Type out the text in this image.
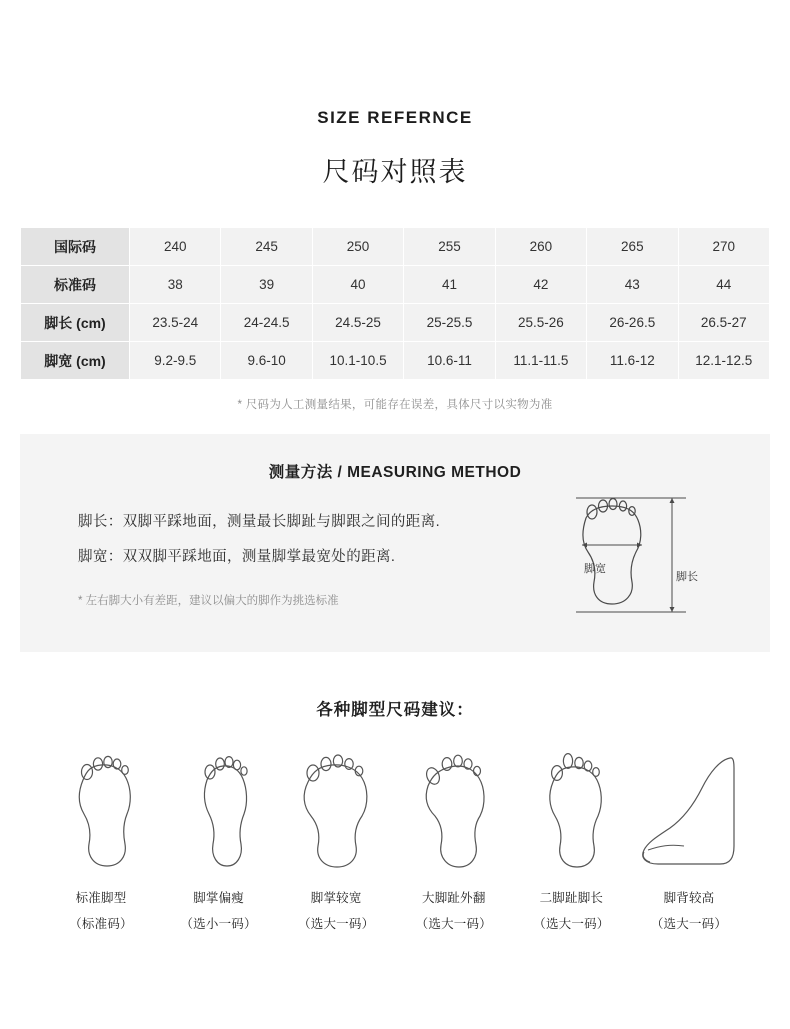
SIZE REFERNCE
尺码对照表
国际码	240	245	250	255	260	265	270
标准码	38	39	40	41	42	43	44
脚长 (cm)	23.5-24	24-24.5	24.5-25	25-25.5	25.5-26	26-26.5	26.5-27
脚宽 (cm)	9.2-9.5	9.6-10	10.1-10.5	10.6-11	11.1-11.5	11.6-12	12.1-12.5
* 尺码为人工测量结果，可能存在误差，具体尺寸以实物为准
测量方法 / MEASURING METHOD
脚长：双脚平踩地面，测量最长脚趾与脚跟之间的距离.
脚宽：双双脚平踩地面，测量脚掌最宽处的距离.
* 左右脚大小有差距，建议以偏大的脚作为挑选标准
脚宽
脚长
各种脚型尺码建议：
标准脚型
（标准码）
脚掌偏瘦
（选小一码）
脚掌较宽
（选大一码）
大脚趾外翻
（选大一码）
二脚趾脚长
（选大一码）
脚背较高
（选大一码）
